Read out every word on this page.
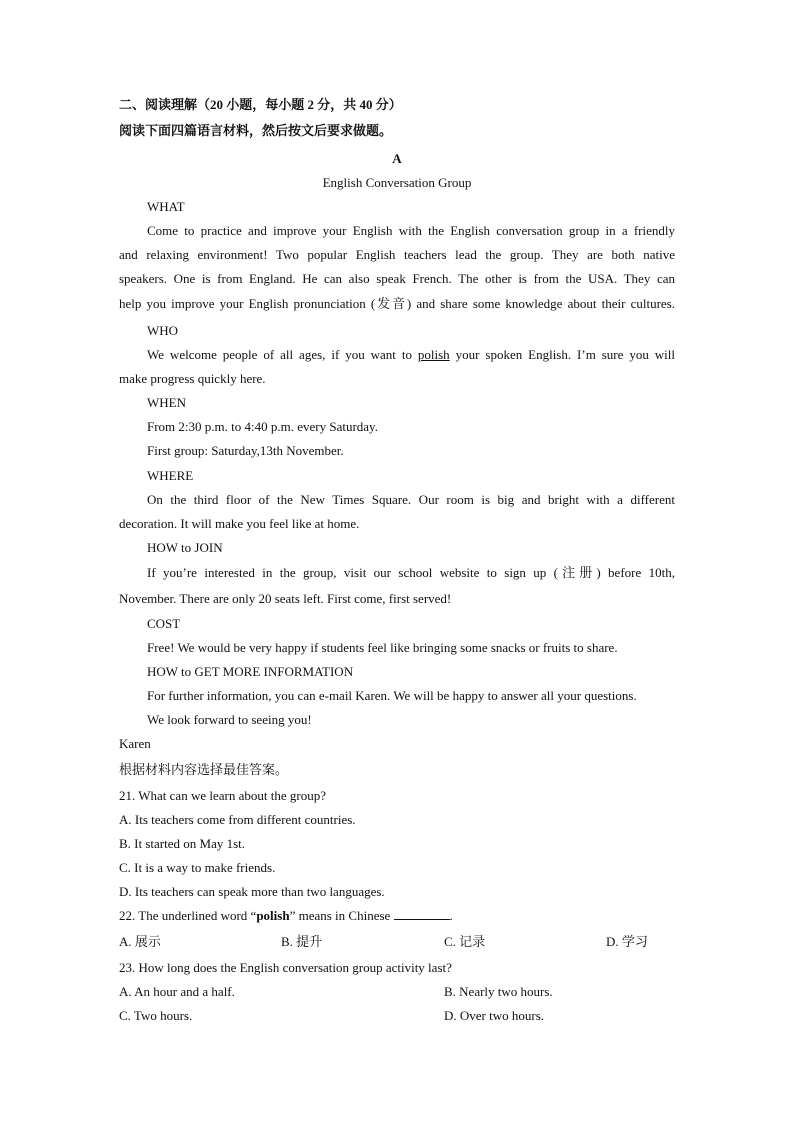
二、阅读理解（20 小题，每小题 2 分，共 40 分）
阅读下面四篇语言材料，然后按文后要求做题。
A
English Conversation Group
WHAT
Come to practice and improve your English with the English conversation group in a friendly
and relaxing environment! Two popular English teachers lead the group. They are both native
speakers. One is from England. He can also speak French. The other is from the USA. They can
help you improve your English pronunciation (发音) and share some knowledge about their cultures.
WHO
We welcome people of all ages, if you want to polish your spoken English. I’m sure you will
make progress quickly here.
WHEN
From 2:30 p.m. to 4:40 p.m. every Saturday.
First group: Saturday,13th November.
WHERE
On the third floor of the New Times Square. Our room is big and bright with a different
decoration. It will make you feel like at home.
HOW to JOIN
If you’re interested in the group, visit our school website to sign up (注册) before 10th,
November. There are only 20 seats left. First come, first served!
COST
Free! We would be very happy if students feel like bringing some snacks or fruits to share.
HOW to GET MORE INFORMATION
For further information, you can e-mail Karen. We will be happy to answer all your questions.
We look forward to seeing you!
Karen
根据材料内容选择最佳答案。
21. What can we learn about the group?
A. Its teachers come from different countries.
B. It started on May 1st.
C. It is a way to make friends.
D. Its teachers can speak more than two languages.
22. The underlined word “polish” means in Chinese	.
A. 展示	B. 提升	C. 记录	D. 学习
23. How long does the English conversation group activity last?
A. An hour and a half.	B. Nearly two hours.
C. Two hours.	D. Over two hours.
